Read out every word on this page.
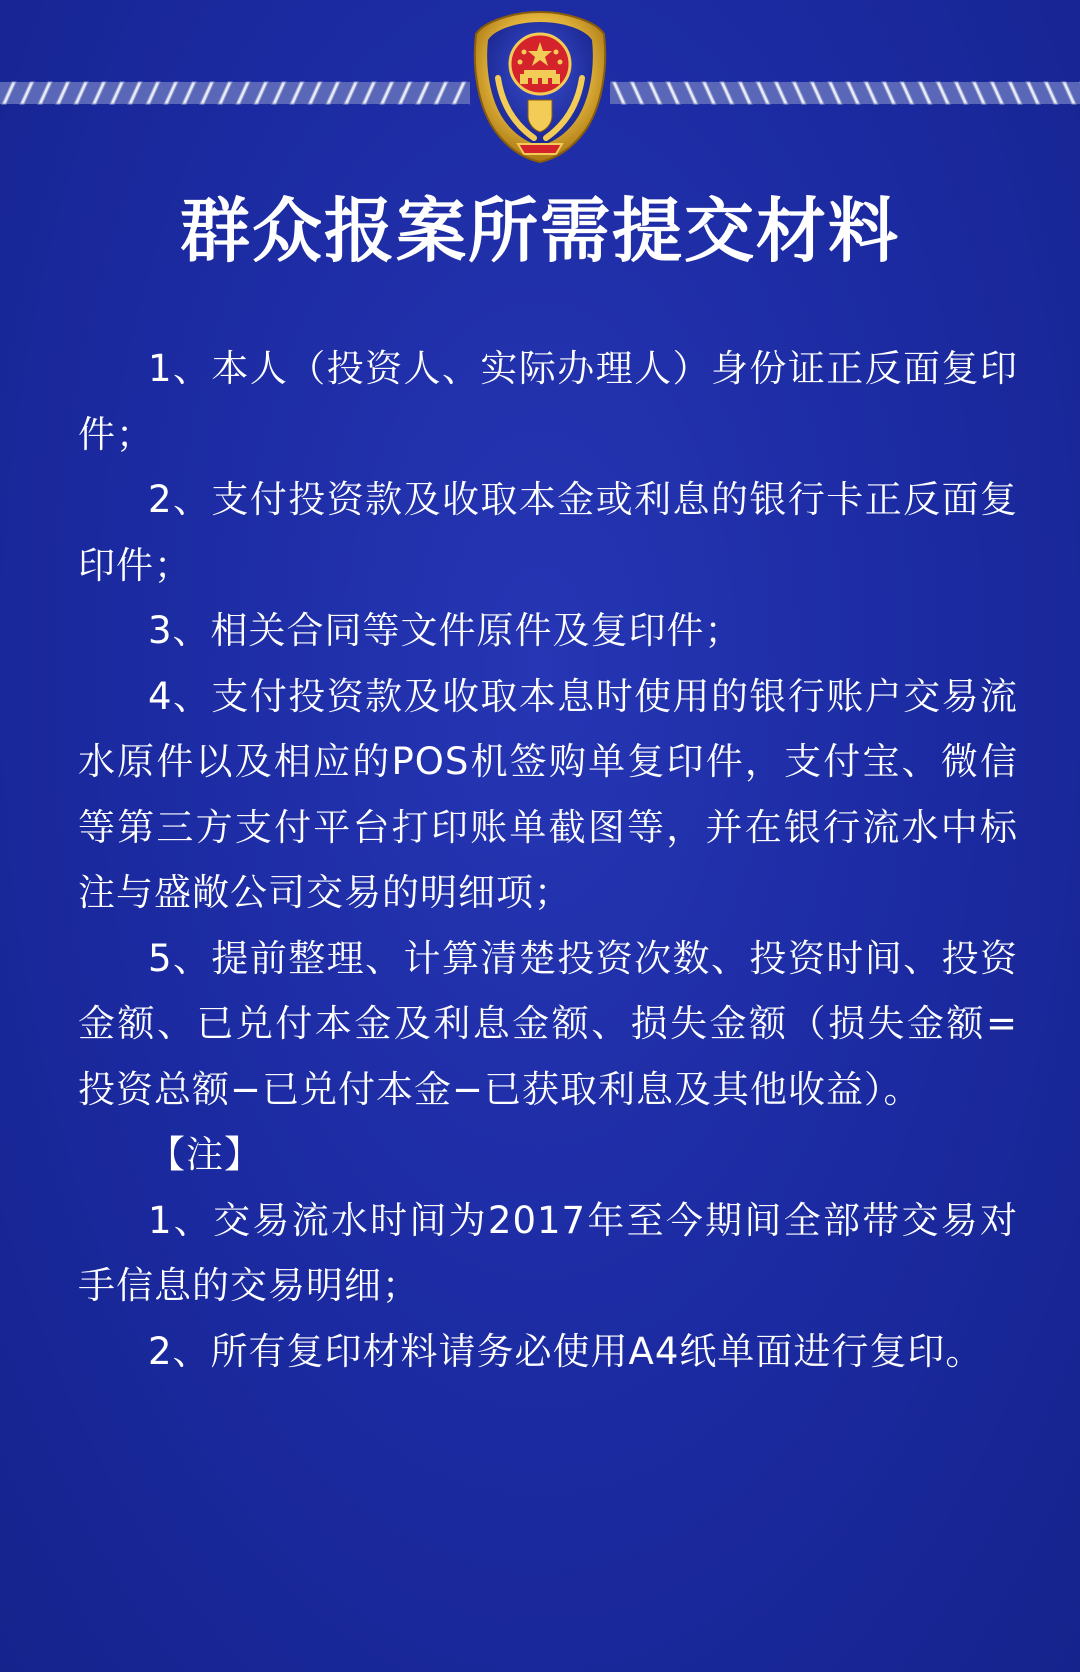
群众报案所需提交材料

1、本人（投资人、实际办理人）身份证正反面复印件；

2、支付投资款及收取本金或利息的银行卡正反面复印件；

3、相关合同等文件原件及复印件；

4、支付投资款及收取本息时使用的银行账户交易流水原件以及相应的POS机签购单复印件，支付宝、微信等第三方支付平台打印账单截图等，并在银行流水中标注与盛敞公司交易的明细项；

5、提前整理、计算清楚投资次数、投资时间、投资金额、已兑付本金及利息金额、损失金额（损失金额=投资总额−已兑付本金−已获取利息及其他收益）。

【注】

1、交易流水时间为2017年至今期间全部带交易对手信息的交易明细；

2、所有复印材料请务必使用A4纸单面进行复印。
